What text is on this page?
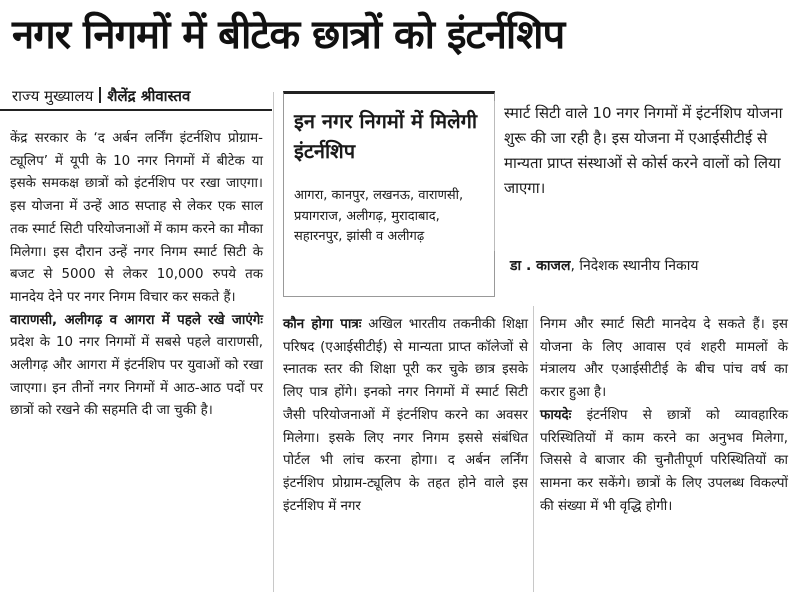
नगर निगमों में बीटेक छात्रों को इंटर्नशिप
राज्य मुख्यालय शैलेंद्र श्रीवास्तव

केंद्र सरकार के ‘द अर्बन लर्निंग इंटर्नशिप प्रोग्राम-ट्यूलिप’ में यूपी के 10 नगर निगमों में बीटेक या इसके समकक्ष छात्रों को इंटर्नशिप पर रखा जाएगा। इस योजना में उन्हें आठ सप्ताह से लेकर एक साल तक स्मार्ट सिटी परियोजनाओं में काम करने का मौका मिलेगा। इस दौरान उन्हें नगर निगम स्मार्ट सिटी के बजट से 5000 से लेकर 10,000 रुपये तक मानदेय देने पर नगर निगम विचार कर सकते हैं।

वाराणसी, अलीगढ़ व आगरा में पहले रखे जाएंगेः प्रदेश के 10 नगर निगमों में सबसे पहले वाराणसी, अलीगढ़ और आगरा में इंटर्नशिप पर युवाओं को रखा जाएगा। इन तीनों नगर निगमों में आठ-आठ पदों पर छात्रों को रखने की सहमति दी जा चुकी है।

इन नगर निगमों में मिलेगी इंटर्नशिप
आगरा, कानपुर, लखनऊ, वाराणसी, प्रयागराज, अलीगढ़, मुरादाबाद, सहारनपुर, झांसी व अलीगढ़
स्मार्ट सिटी वाले 10 नगर निगमों में इंटर्नशिप योजना शुरू की जा रही है। इस योजना में एआईसीटीई से मान्यता प्राप्त संस्थाओं से कोर्स करने वालों को लिया जाएगा।
डा . काजल, निदेशक स्थानीय निकाय

कौन होगा पात्रः अखिल भारतीय तकनीकी शिक्षा परिषद (एआईसीटीई) से मान्यता प्राप्त कॉलेजों से स्नातक स्तर की शिक्षा पूरी कर चुके छात्र इसके लिए पात्र होंगे। इनको नगर निगमों में स्मार्ट सिटी जैसी परियोजनाओं में इंटर्नशिप करने का अवसर मिलेगा। इसके लिए नगर निगम इससे संबंधित पोर्टल भी लांच करना होगा। द अर्बन लर्निंग इंटर्नशिप प्रोग्राम-ट्यूलिप के तहत होने वाले इस इंटर्नशिप में नगर

निगम और स्मार्ट सिटी मानदेय दे सकते हैं। इस योजना के लिए आवास एवं शहरी मामलों के मंत्रालय और एआईसीटीई के बीच पांच वर्ष का करार हुआ है।

फायदेः इंटर्नशिप से छात्रों को व्यावहारिक परिस्थितियों में काम करने का अनुभव मिलेगा, जिससे वे बाजार की चुनौतीपूर्ण परिस्थितियों का सामना कर सकेंगे। छात्रों के लिए उपलब्ध विकल्पों की संख्या में भी वृद्धि होगी।
